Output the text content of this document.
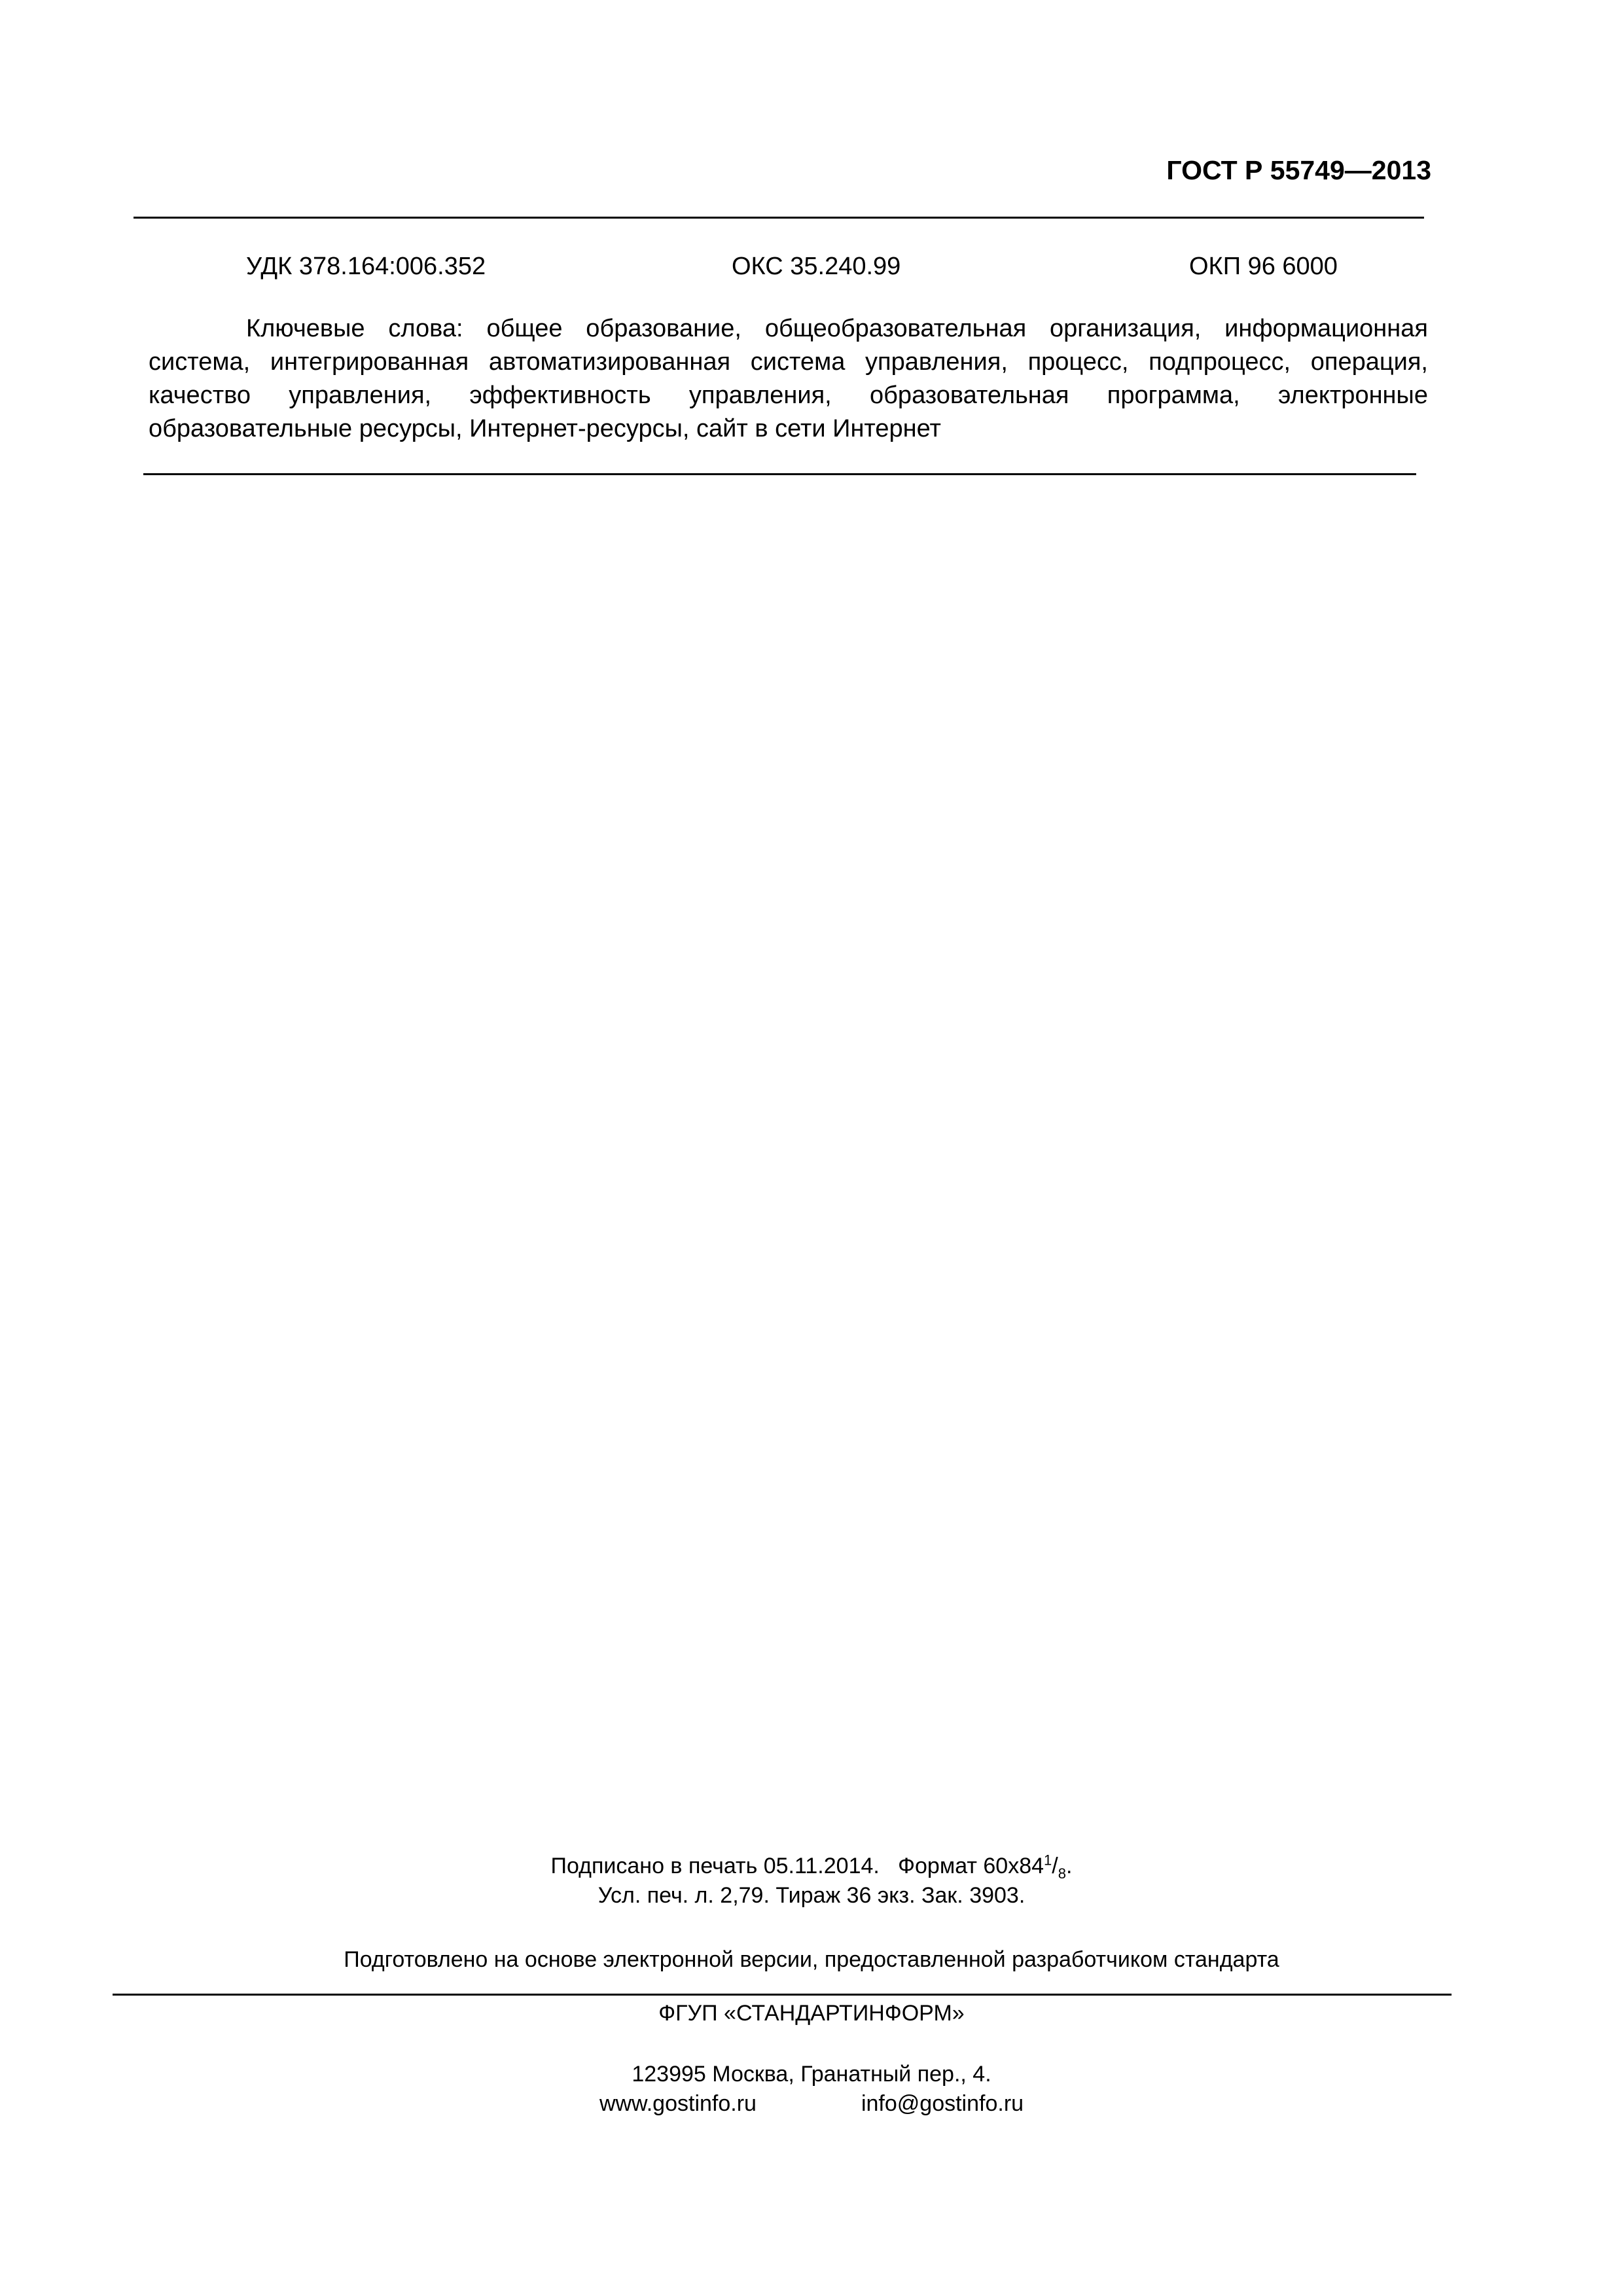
ГОСТ Р 55749—2013
УДК 378.164:006.352	ОКС 35.240.99	ОКП 96 6000

Ключевые слова: общее образование, общеобразовательная организация, информационная система, интегрированная автоматизированная система управления, процесс, подпроцесс, операция, качество управления, эффективность управления, образовательная программа, электронные образовательные ресурсы, Интернет-ресурсы, сайт в сети Интернет

Подписано в печать 05.11.2014. Формат $60x84^1/_8$.
Усл. печ. л. 2,79. Тираж 36 экз. Зак. 3903.
Подготовлено на основе электронной версии, предоставленной разработчиком стандарта
ФГУП «СТАНДАРТИНФОРМ»
123995 Москва, Гранатный пер., 4.
www.gostinfo.ru	info@gostinfo.ru
